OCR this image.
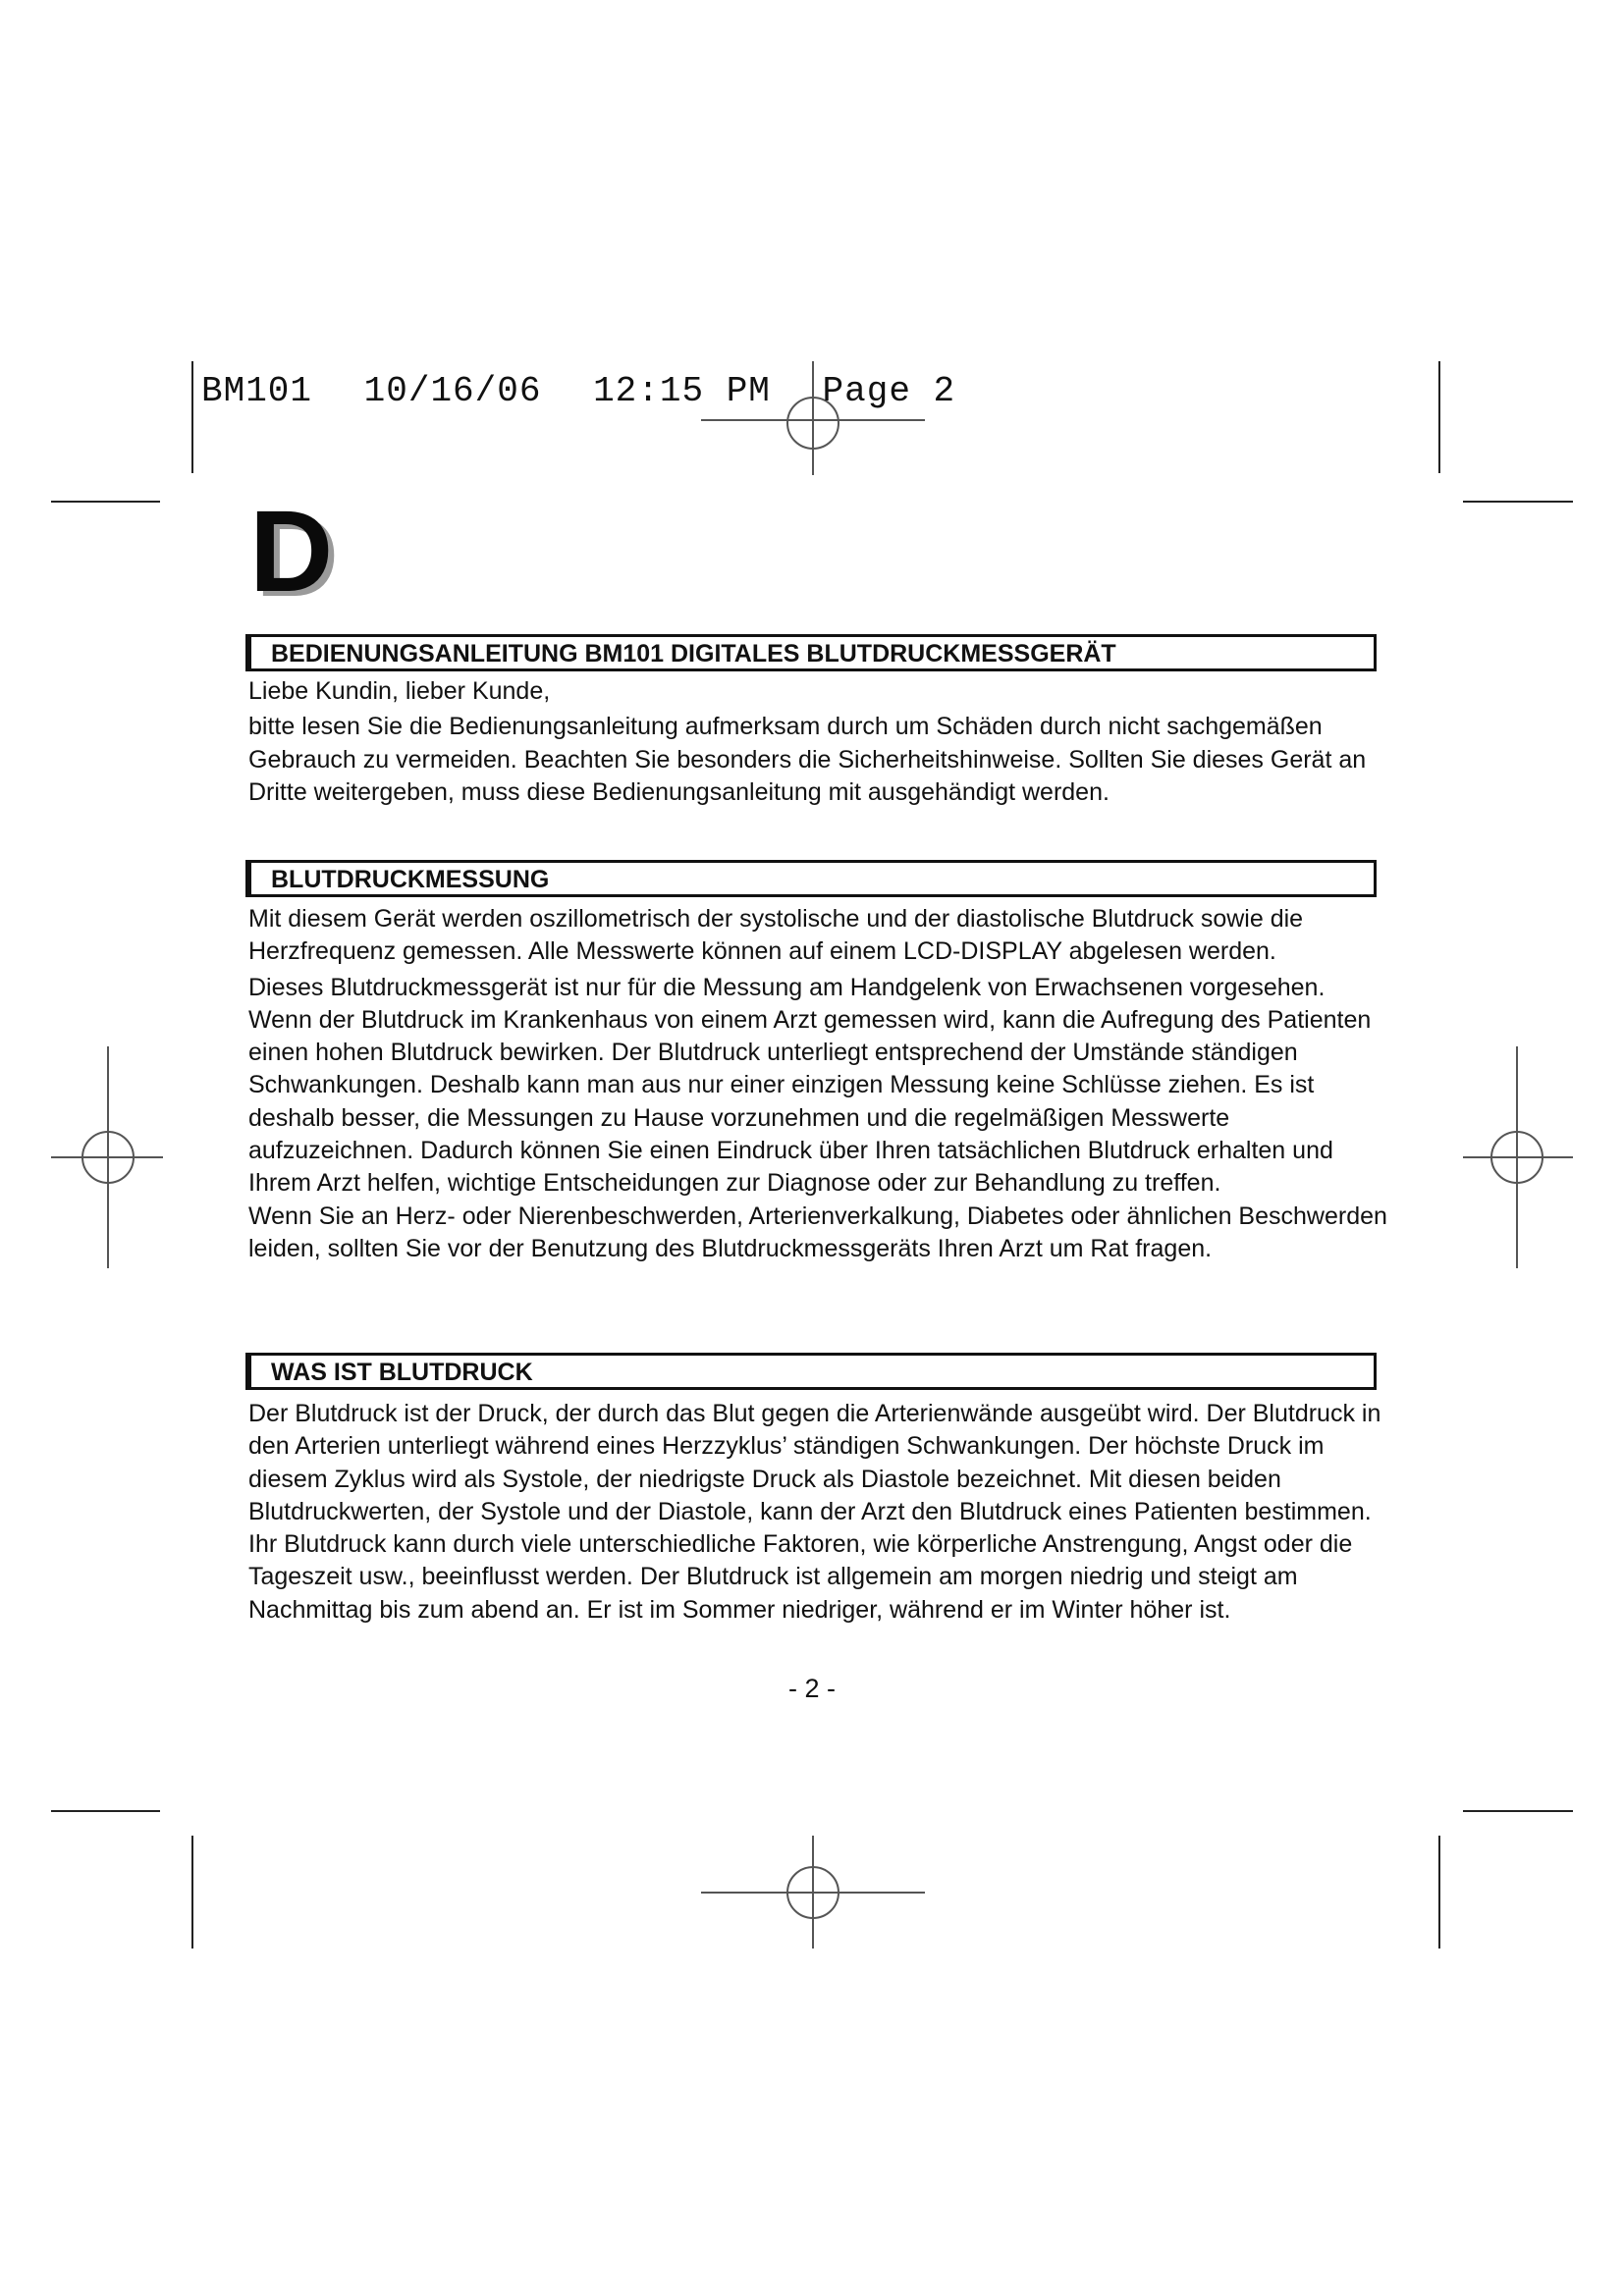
BM101 10/16/06 12:15 PM Page 2
D
BEDIENUNGSANLEITUNG BM101 DIGITALES BLUTDRUCKMESSGERÄT

Liebe Kundin, lieber Kunde,

bitte lesen Sie die Bedienungsanleitung aufmerksam durch um Schäden durch nicht sachgemäßen Gebrauch zu vermeiden. Beachten Sie besonders die Sicherheitshinweise. Sollten Sie dieses Gerät an Dritte weitergeben, muss diese Bedienungsanleitung mit ausgehändigt werden.

BLUTDRUCKMESSUNG

Mit diesem Gerät werden oszillometrisch der systolische und der diastolische Blutdruck sowie die Herzfrequenz gemessen. Alle Messwerte können auf einem LCD-DISPLAY abgelesen werden.

Dieses Blutdruckmessgerät ist nur für die Messung am Handgelenk von Erwachsenen vorgesehen. Wenn der Blutdruck im Krankenhaus von einem Arzt gemessen wird, kann die Aufregung des Patienten einen hohen Blutdruck bewirken. Der Blutdruck unterliegt entsprechend der Umstände ständigen Schwankungen. Deshalb kann man aus nur einer einzigen Messung keine Schlüsse ziehen. Es ist deshalb besser, die Messungen zu Hause vorzunehmen und die regelmäßigen Messwerte aufzuzeichnen. Dadurch können Sie einen Eindruck über Ihren tatsächlichen Blutdruck erhalten und Ihrem Arzt helfen, wichtige Entscheidungen zur Diagnose oder zur Behandlung zu treffen.

Wenn Sie an Herz- oder Nierenbeschwerden, Arterienverkalkung, Diabetes oder ähnlichen Beschwerden leiden, sollten Sie vor der Benutzung des Blutdruckmessgeräts Ihren Arzt um Rat fragen.

WAS IST BLUTDRUCK

Der Blutdruck ist der Druck, der durch das Blut gegen die Arterienwände ausgeübt wird. Der Blutdruck in den Arterien unterliegt während eines Herzzyklus’ ständigen Schwankungen. Der höchste Druck im diesem Zyklus wird als Systole, der niedrigste Druck als Diastole bezeichnet. Mit diesen beiden Blutdruckwerten, der Systole und der Diastole, kann der Arzt den Blutdruck eines Patienten bestimmen. Ihr Blutdruck kann durch viele unterschiedliche Faktoren, wie körperliche Anstrengung, Angst oder die Tageszeit usw., beeinflusst werden. Der Blutdruck ist allgemein am morgen niedrig und steigt am Nachmittag bis zum abend an. Er ist im Sommer niedriger, während er im Winter höher ist.

- 2 -
